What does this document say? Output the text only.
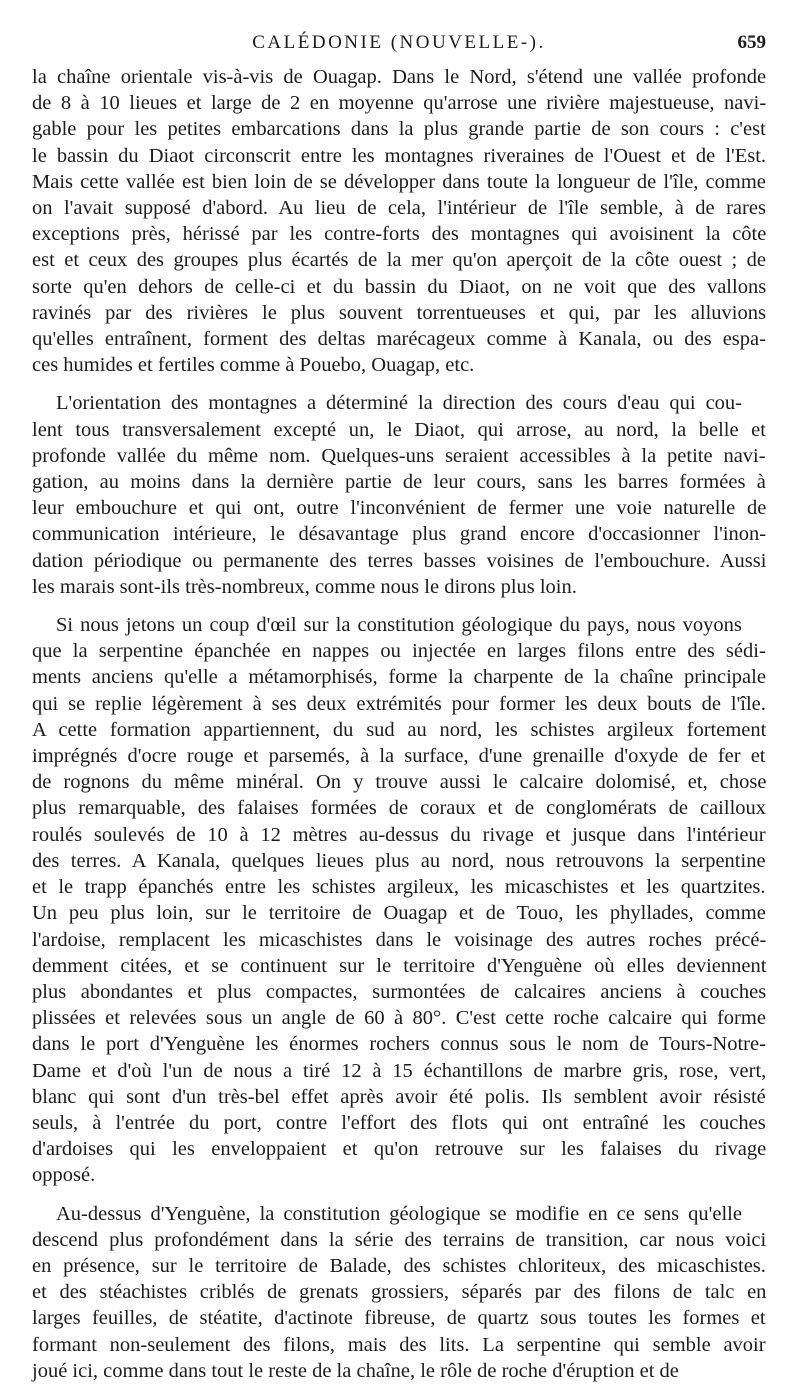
CALÉDONIE (NOUVELLE-).	659
la chaîne orientale vis-à-vis de Ouagap. Dans le Nord, s'étend une vallée profonde
de 8 à 10 lieues et large de 2 en moyenne qu'arrose une rivière majestueuse, navi-
gable pour les petites embarcations dans la plus grande partie de son cours : c'est
le bassin du Diaot circonscrit entre les montagnes riveraines de l'Ouest et de l'Est.
Mais cette vallée est bien loin de se développer dans toute la longueur de l'île, comme
on l'avait supposé d'abord. Au lieu de cela, l'intérieur de l'île semble, à de rares
exceptions près, hérissé par les contre-forts des montagnes qui avoisinent la côte
est et ceux des groupes plus écartés de la mer qu'on aperçoit de la côte ouest ; de
sorte qu'en dehors de celle-ci et du bassin du Diaot, on ne voit que des vallons
ravinés par des rivières le plus souvent torrentueuses et qui, par les alluvions
qu'elles entraînent, forment des deltas marécageux comme à Kanala, ou des espa-
ces humides et fertiles comme à Pouebo, Ouagap, etc.
L'orientation des montagnes a déterminé la direction des cours d'eau qui cou-
lent tous transversalement excepté un, le Diaot, qui arrose, au nord, la belle et
profonde vallée du même nom. Quelques-uns seraient accessibles à la petite navi-
gation, au moins dans la dernière partie de leur cours, sans les barres formées à
leur embouchure et qui ont, outre l'inconvénient de fermer une voie naturelle de
communication intérieure, le désavantage plus grand encore d'occasionner l'inon-
dation périodique ou permanente des terres basses voisines de l'embouchure. Aussi
les marais sont-ils très-nombreux, comme nous le dirons plus loin.
Si nous jetons un coup d'œil sur la constitution géologique du pays, nous voyons
que la serpentine épanchée en nappes ou injectée en larges filons entre des sédi-
ments anciens qu'elle a métamorphisés, forme la charpente de la chaîne principale
qui se replie légèrement à ses deux extrémités pour former les deux bouts de l'île.
A cette formation appartiennent, du sud au nord, les schistes argileux fortement
imprégnés d'ocre rouge et parsemés, à la surface, d'une grenaille d'oxyde de fer et
de rognons du même minéral. On y trouve aussi le calcaire dolomisé, et, chose
plus remarquable, des falaises formées de coraux et de conglomérats de cailloux
roulés soulevés de 10 à 12 mètres au-dessus du rivage et jusque dans l'intérieur
des terres. A Kanala, quelques lieues plus au nord, nous retrouvons la serpentine
et le trapp épanchés entre les schistes argileux, les micaschistes et les quartzites.
Un peu plus loin, sur le territoire de Ouagap et de Touo, les phyllades, comme
l'ardoise, remplacent les micaschistes dans le voisinage des autres roches précé-
demment citées, et se continuent sur le territoire d'Yenguène où elles deviennent
plus abondantes et plus compactes, surmontées de calcaires anciens à couches
plissées et relevées sous un angle de 60 à 80°. C'est cette roche calcaire qui forme
dans le port d'Yenguène les énormes rochers connus sous le nom de Tours-Notre-
Dame et d'où l'un de nous a tiré 12 à 15 échantillons de marbre gris, rose, vert,
blanc qui sont d'un très-bel effet après avoir été polis. Ils semblent avoir résisté
seuls, à l'entrée du port, contre l'effort des flots qui ont entraîné les couches
d'ardoises qui les enveloppaient et qu'on retrouve sur les falaises du rivage
opposé.
Au-dessus d'Yenguène, la constitution géologique se modifie en ce sens qu'elle
descend plus profondément dans la série des terrains de transition, car nous voici
en présence, sur le territoire de Balade, des schistes chloriteux, des micaschistes.
et des stéachistes criblés de grenats grossiers, séparés par des filons de talc en
larges feuilles, de stéatite, d'actinote fibreuse, de quartz sous toutes les formes et
formant non-seulement des filons, mais des lits. La serpentine qui semble avoir
joué ici, comme dans tout le reste de la chaîne, le rôle de roche d'éruption et de
